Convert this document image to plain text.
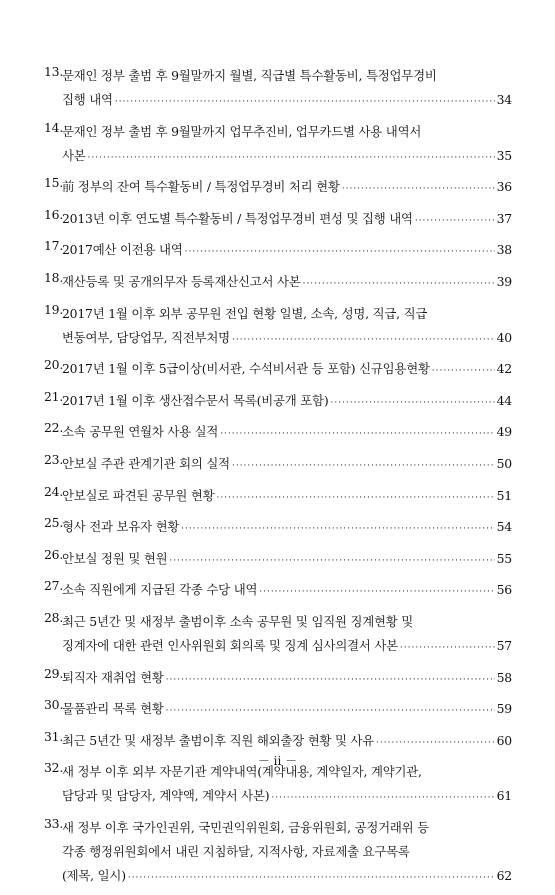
13.
문재인 정부 출범 후 9월말까지 월별, 직급별 특수활동비, 특정업무경비
집행 내역 ·····	34
14.
문재인 정부 출범 후 9월말까지 업무추진비, 업무카드별 사용 내역서
사본 ·····	35
15.
前 정부의 잔여 특수활동비 / 특정업무경비 처리 현황 ·····	36
16.
2013년 이후 연도별 특수활동비 / 특정업무경비 편성 및 집행 내역 ·····	37
17.
2017예산 이전용 내역 ·····	38
18.
재산등록 및 공개의무자 등록재산신고서 사본 ·····	39
19.
2017년 1월 이후 외부 공무원 전입 현황 일별, 소속, 성명, 직급, 직급
변동여부, 담당업무, 직전부처명 ·····	40
20.
2017년 1월 이후 5급이상(비서관, 수석비서관 등 포함) 신규임용현황 ·····	42
21.
2017년 1월 이후 생산접수문서 목록(비공개 포함) ·····	44
22.
소속 공무원 연월차 사용 실적 ·····	49
23.
안보실 주관 관계기관 회의 실적 ·····	50
24.
안보실로 파견된 공무원 현황 ·····	51
25.
형사 전과 보유자 현황 ·····	54
26.
안보실 정원 및 현원 ·····	55
27.
소속 직원에게 지급된 각종 수당 내역 ·····	56
28.
최근 5년간 및 새정부 출범이후 소속 공무원 및 임직원 징계현황 및
징계자에 대한 관련 인사위원회 회의록 및 징계 심사의결서 사본 ·····	57
29.
퇴직자 재취업 현황 ·····	58
30.
물품관리 목록 현황 ·····	59
31.
최근 5년간 및 새정부 출범이후 직원 해외출장 현황 및 사유 ·····	60
32.
새 정부 이후 외부 자문기관 계약내역(계약내용, 계약일자, 계약기관,
담당과 및 담당자, 계약액, 계약서 사본) ·····	61
33.
새 정부 이후 국가인권위, 국민권익위원회, 금융위원회, 공정거래위 등
각종 행정위원회에서 내린 지침하달, 지적사항, 자료제출 요구목록
(제목, 일시) ·····	62
－ ii －
